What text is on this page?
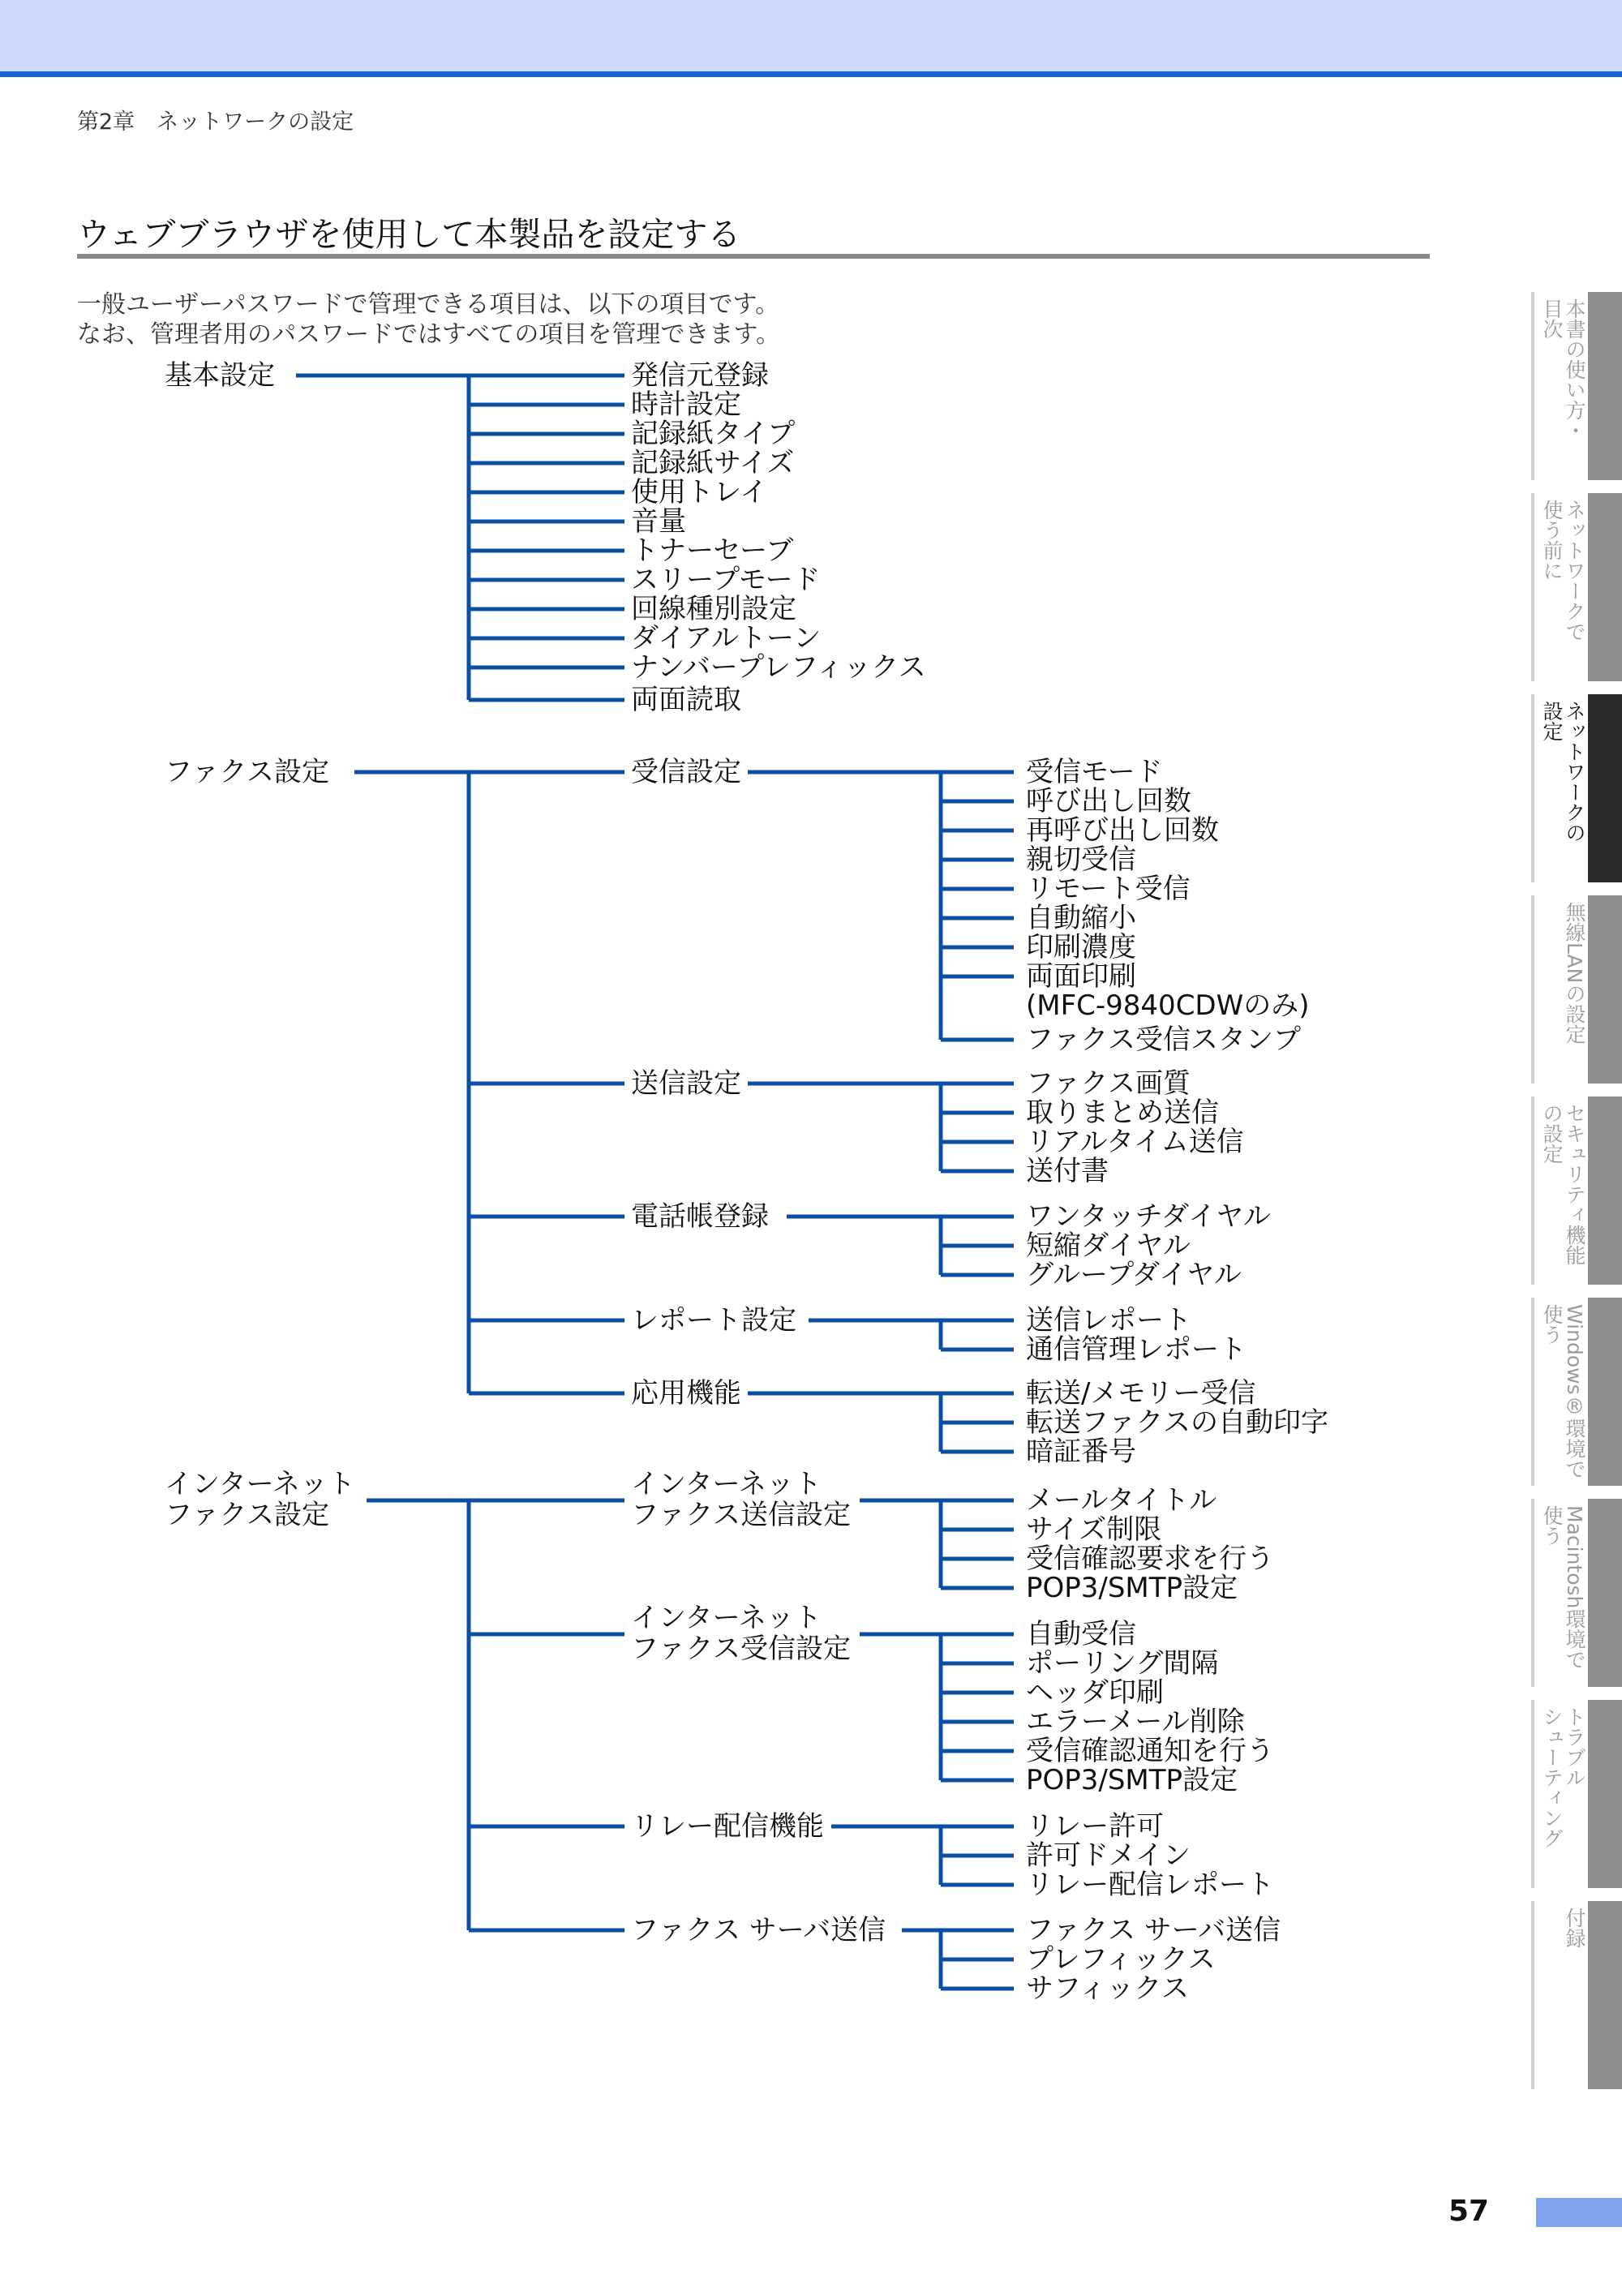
第2章　ネットワークの設定
ウェブブラウザを使用して本製品を設定する
一般ユーザーパスワードで管理できる項目は、以下の項目です。
なお、管理者用のパスワードではすべての項目を管理できます。
基本設定	発信元登録
時計設定
記録紙タイプ
記録紙サイズ
使用トレイ
音量
トナーセーブ
スリープモード
回線種別設定
ダイアルトーン
ナンバープレフィックス
両面読取
ファクス設定	受信設定	受信モード
呼び出し回数
再呼び出し回数
親切受信
リモート受信
自動縮小
印刷濃度
両面印刷
(MFC-9840CDWのみ)
ファクス受信スタンプ
送信設定	ファクス画質
取りまとめ送信
リアルタイム送信
送付書
電話帳登録	ワンタッチダイヤル
短縮ダイヤル
グループダイヤル
レポート設定	送信レポート
通信管理レポート
応用機能	転送/メモリー受信
転送ファクスの自動印字
暗証番号
インターネット
ファクス設定
インターネット
ファクス送信設定	メールタイトル
サイズ制限
受信確認要求を行う
POP3/SMTP設定
インターネット
ファクス受信設定	自動受信
ポーリング間隔
ヘッダ印刷
エラーメール削除
受信確認通知を行う
POP3/SMTP設定
リレー配信機能	リレー許可
許可ドメイン
リレー配信レポート
ファクス サーバ送信	ファクス サーバ送信
プレフィックス
サフィックス
本書の使い方・
目次
ネットワークで
使う前に
ネットワークの
設定
無線LANの設定
セキュリティ機能
の設定
Windows®環境で
使う
Macintosh環境で
使う
トラブル
シューティング
付録
57
